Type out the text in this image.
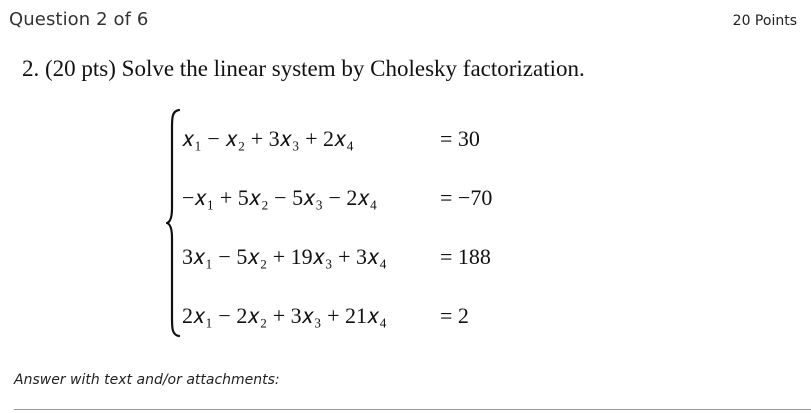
Question 2 of 6	20 Points
2. (20 pts) Solve the linear system by Cholesky factorization.
𝑥₁ − 𝑥₂ + 3𝑥₃ + 2𝑥₄	= 30
−𝑥₁ + 5𝑥₂ − 5𝑥₃ − 2𝑥₄	= −70
3𝑥₁ − 5𝑥₂ + 19𝑥₃ + 3𝑥₄ = 188
2𝑥₁ − 2𝑥₂ + 3𝑥₃ + 21𝑥₄ = 2
Answer with text and/or attachments:
